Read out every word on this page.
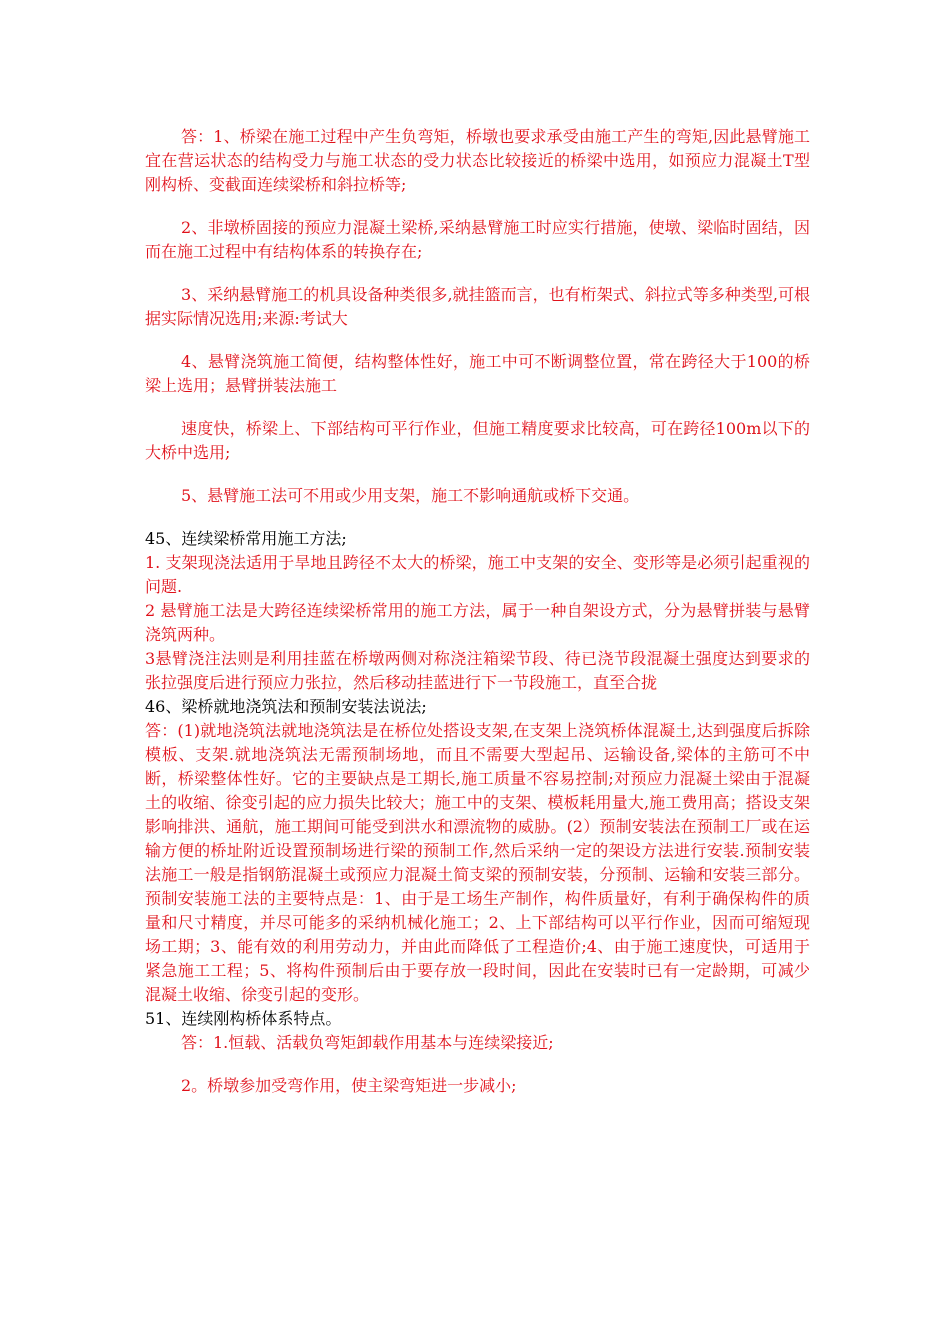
答：1、桥梁在施工过程中产生负弯矩，桥墩也要求承受由施工产生的弯矩,因此悬臂施工宜在营运状态的结构受力与施工状态的受力状态比较接近的桥梁中选用，如预应力混凝土T型刚构桥、变截面连续梁桥和斜拉桥等;

2、非墩桥固接的预应力混凝土梁桥,采纳悬臂施工时应实行措施，使墩、梁临时固结，因而在施工过程中有结构体系的转换存在;

3、采纳悬臂施工的机具设备种类很多,就挂篮而言，也有桁架式、斜拉式等多种类型,可根据实际情况选用;来源:考试大

4、悬臂浇筑施工简便，结构整体性好，施工中可不断调整位置，常在跨径大于100的桥梁上选用；悬臂拼装法施工

速度快，桥梁上、下部结构可平行作业，但施工精度要求比较高，可在跨径100m以下的大桥中选用;

5、悬臂施工法可不用或少用支架，施工不影响通航或桥下交通。

45、连续梁桥常用施工方法;

1. 支架现浇法适用于旱地且跨径不太大的桥梁，施工中支架的安全、变形等是必须引起重视的问题.

2 悬臂施工法是大跨径连续梁桥常用的施工方法，属于一种自架设方式，分为悬臂拼装与悬臂浇筑两种。

3悬臂浇注法则是利用挂蓝在桥墩两侧对称浇注箱梁节段、待已浇节段混凝土强度达到要求的张拉强度后进行预应力张拉，然后移动挂蓝进行下一节段施工，直至合拢

46、梁桥就地浇筑法和预制安装法说法;

答：(1)就地浇筑法就地浇筑法是在桥位处搭设支架,在支架上浇筑桥体混凝土,达到强度后拆除模板、支架.就地浇筑法无需预制场地，而且不需要大型起吊、运输设备,梁体的主筋可不中断，桥梁整体性好。它的主要缺点是工期长,施工质量不容易控制;对预应力混凝土梁由于混凝土的收缩、徐变引起的应力损失比较大；施工中的支架、模板耗用量大,施工费用高；搭设支架影响排洪、通航，施工期间可能受到洪水和漂流物的威胁。(2）预制安装法在预制工厂或在运输方便的桥址附近设置预制场进行梁的预制工作,然后采纳一定的架设方法进行安装.预制安装法施工一般是指钢筋混凝土或预应力混凝土简支梁的预制安装，分预制、运输和安装三部分。预制安装施工法的主要特点是：1、由于是工场生产制作，构件质量好，有利于确保构件的质量和尺寸精度，并尽可能多的采纳机械化施工；2、上下部结构可以平行作业，因而可缩短现场工期；3、能有效的利用劳动力，并由此而降低了工程造价;4、由于施工速度快，可适用于紧急施工工程；5、将构件预制后由于要存放一段时间，因此在安装时已有一定龄期，可减少混凝土收缩、徐变引起的变形。

51、连续刚构桥体系特点。

答：1.恒载、活载负弯矩卸载作用基本与连续梁接近;

2。桥墩参加受弯作用，使主梁弯矩进一步减小;
